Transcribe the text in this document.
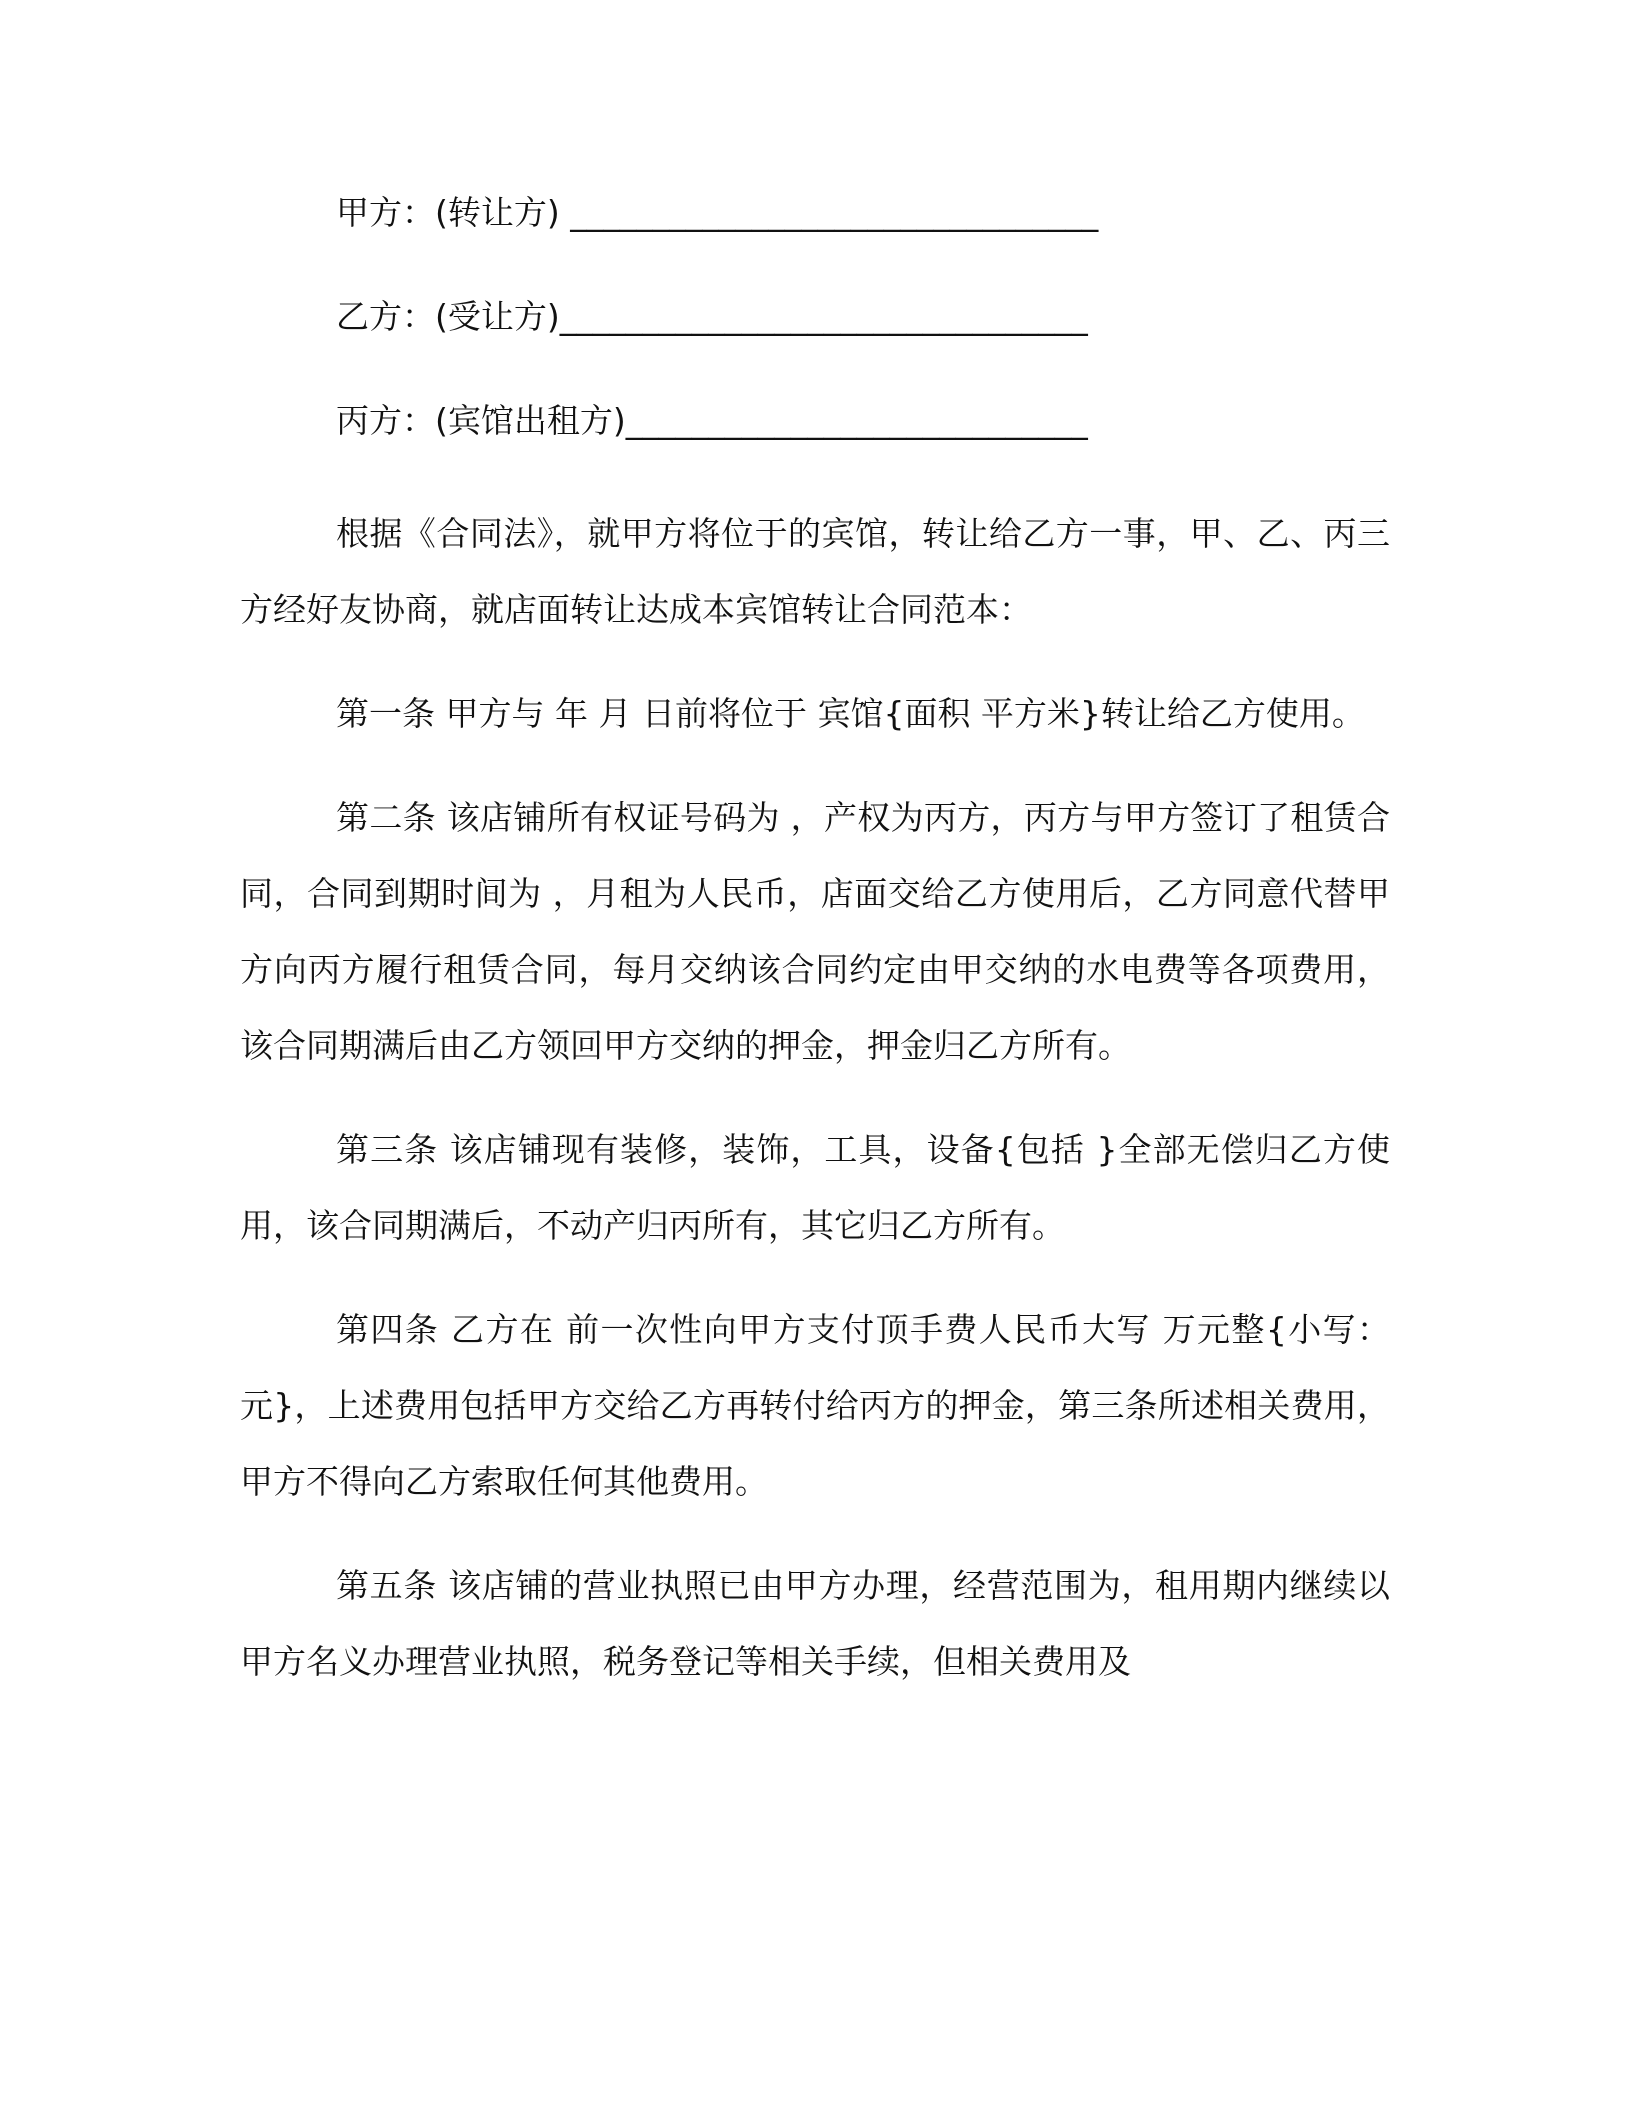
甲方：(转让方) ________________________________
乙方：(受让方)________________________________
丙方：(宾馆出租方)____________________________

根据《合同法》，就甲方将位于的宾馆，转让给乙方一事，甲、乙、丙三方经好友协商，就店面转让达成本宾馆转让合同范本：

第一条 甲方与 年 月 日前将位于 宾馆{面积 平方米}转让给乙方使用。

第二条 该店铺所有权证号码为 ，产权为丙方，丙方与甲方签订了租赁合同，合同到期时间为 ，月租为人民币，店面交给乙方使用后，乙方同意代替甲方向丙方履行租赁合同，每月交纳该合同约定由甲交纳的水电费等各项费用，该合同期满后由乙方领回甲方交纳的押金，押金归乙方所有。

第三条 该店铺现有装修，装饰，工具，设备{包括 }全部无偿归乙方使用，该合同期满后，不动产归丙所有，其它归乙方所有。

第四条 乙方在 前一次性向甲方支付顶手费人民币大写 万元整{小写： 元}，上述费用包括甲方交给乙方再转付给丙方的押金，第三条所述相关费用，甲方不得向乙方索取任何其他费用。

第五条 该店铺的营业执照已由甲方办理，经营范围为，租用期内继续以甲方名义办理营业执照，税务登记等相关手续，但相关费用及
